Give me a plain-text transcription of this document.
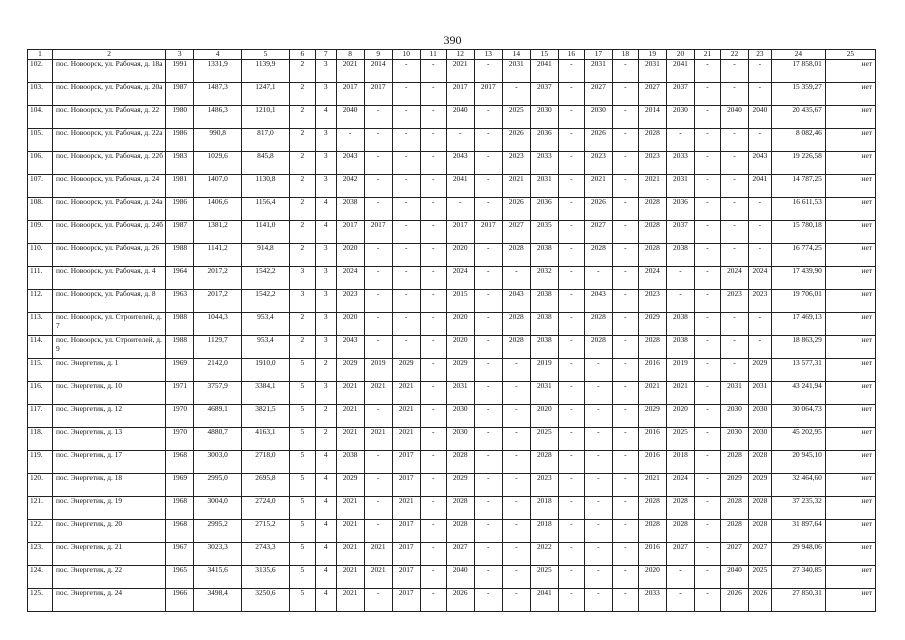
390
1	2	3	4	5	6	7	8	9	10	11	12	13	14	15	16	17	18	19	20	21	22	23	24	25
102.	пос. Новоорск, ул. Рабочая, д. 18а	1991	1331,9	1139,9	2	3	2021	2014	-	-	2021	-	2031	2041	-	2031	-	2031	2041	-	-	-	17 858,01	нет
103.	пос. Новоорск, ул. Рабочая, д. 20а	1987	1487,3	1247,1	2	3	2017	2017	-	-	2017	2017	-	2037	-	2027	-	2027	2037	-	-	-	15 359,27	нет
104.	пос. Новоорск, ул. Рабочая, д. 22	1980	1486,3	1210,1	2	4	2040	-	-	-	2040	-	2025	2030	-	2030	-	2014	2030	-	2040	2040	20 435,67	нет
105.	пос. Новоорск, ул. Рабочая, д. 22а	1986	990,8	817,0	2	3	-	-	-	-	-	-	2026	2036	-	2026	-	2028	-	-	-	-	8 082,46	нет
106.	пос. Новоорск, ул. Рабочая, д. 22б	1983	1029,6	845,8	2	3	2043	-	-	-	2043	-	2023	2033	-	2023	-	2023	2033	-	-	2043	19 226,58	нет
107.	пос. Новоорск, ул. Рабочая, д. 24	1981	1407,0	1130,8	2	3	2042	-	-	-	2041	-	2021	2031	-	2021	-	2021	2031	-	-	2041	14 787,25	нет
108.	пос. Новоорск, ул. Рабочая, д. 24а	1986	1406,6	1156,4	2	4	2038	-	-	-	-	-	2026	2036	-	2026	-	2028	2036	-	-	-	16 611,53	нет
109.	пос. Новоорск, ул. Рабочая, д. 24б	1987	1381,2	1141,0	2	4	2017	2017	-	-	2017	2017	2027	2035	-	2027	-	2028	2037	-	-	-	15 780,18	нет
110.	пос. Новоорск, ул. Рабочая, д. 26	1988	1141,2	914,8	2	3	2020	-	-	-	2020	-	2028	2038	-	2028	-	2028	2038	-	-	-	16 774,25	нет
111.	пос. Новоорск, ул. Рабочая, д. 4	1964	2017,2	1542,2	3	3	2024	-	-	-	2024	-	-	2032	-	-	-	2024	-	-	2024	2024	17 439,90	нет
112.	пос. Новоорск, ул. Рабочая, д. 8	1963	2017,2	1542,2	3	3	2023	-	-	-	2015	-	2043	2038	-	2043	-	2023	-	-	2023	2023	19 706,01	нет
113.	пос. Новоорск, ул. Строителей, д. 7	1988	1044,3	953,4	2	3	2020	-	-	-	2020	-	2028	2038	-	2028	-	2029	2038	-	-	-	17 469,13	нет
114.	пос. Новоорск, ул. Строителей, д. 9	1988	1129,7	953,4	2	3	2043	-	-	-	2020	-	2028	2038	-	2028	-	2028	2038	-	-	-	18 863,29	нет
115.	пос. Энергетик, д. 1	1969	2142,0	1910,0	5	2	2029	2019	2029	-	2029	-	-	2019	-	-	-	2016	2019	-	-	2029	13 577,31	нет
116.	пос. Энергетик, д. 10	1971	3757,9	3384,1	5	3	2021	2021	2021	-	2031	-	-	2031	-	-	-	2021	2021	-	2031	2031	43 241,94	нет
117.	пос. Энергетик, д. 12	1970	4689,1	3821,5	5	2	2021	-	2021	-	2030	-	-	2020	-	-	-	2029	2020	-	2030	2030	30 064,73	нет
118.	пос. Энергетик, д. 13	1970	4880,7	4163,1	5	2	2021	2021	2021	-	2030	-	-	2025	-	-	-	2016	2025	-	2030	2030	45 202,95	нет
119.	пос. Энергетик, д. 17	1968	3003,0	2718,0	5	4	2038	-	2017	-	2028	-	-	2028	-	-	-	2016	2018	-	2028	2028	20 945,10	нет
120.	пос. Энергетик, д. 18	1969	2995,0	2695,8	5	4	2029	-	2017	-	2029	-	-	2023	-	-	-	2021	2024	-	2029	2029	32 464,60	нет
121.	пос. Энергетик, д. 19	1968	3004,0	2724,0	5	4	2021	-	2021	-	2028	-	-	2018	-	-	-	2028	2028	-	2028	2028	37 235,32	нет
122.	пос. Энергетик, д. 20	1968	2995,2	2715,2	5	4	2021	-	2017	-	2028	-	-	2018	-	-	-	2028	2028	-	2028	2028	31 897,64	нет
123.	пос. Энергетик, д. 21	1967	3023,3	2743,3	5	4	2021	2021	2017	-	2027	-	-	2022	-	-	-	2016	2027	-	2027	2027	29 948,06	нет
124.	пос. Энергетик, д. 22	1965	3415,6	3135,6	5	4	2021	2021	2017	-	2040	-	-	2025	-	-	-	2020	-	-	2040	2025	27 340,85	нет
125.	пос. Энергетик, д. 24	1966	3498,4	3250,6	5	4	2021	-	2017	-	2026	-	-	2041	-	-	-	2033	-	-	2026	2026	27 850,31	нет
